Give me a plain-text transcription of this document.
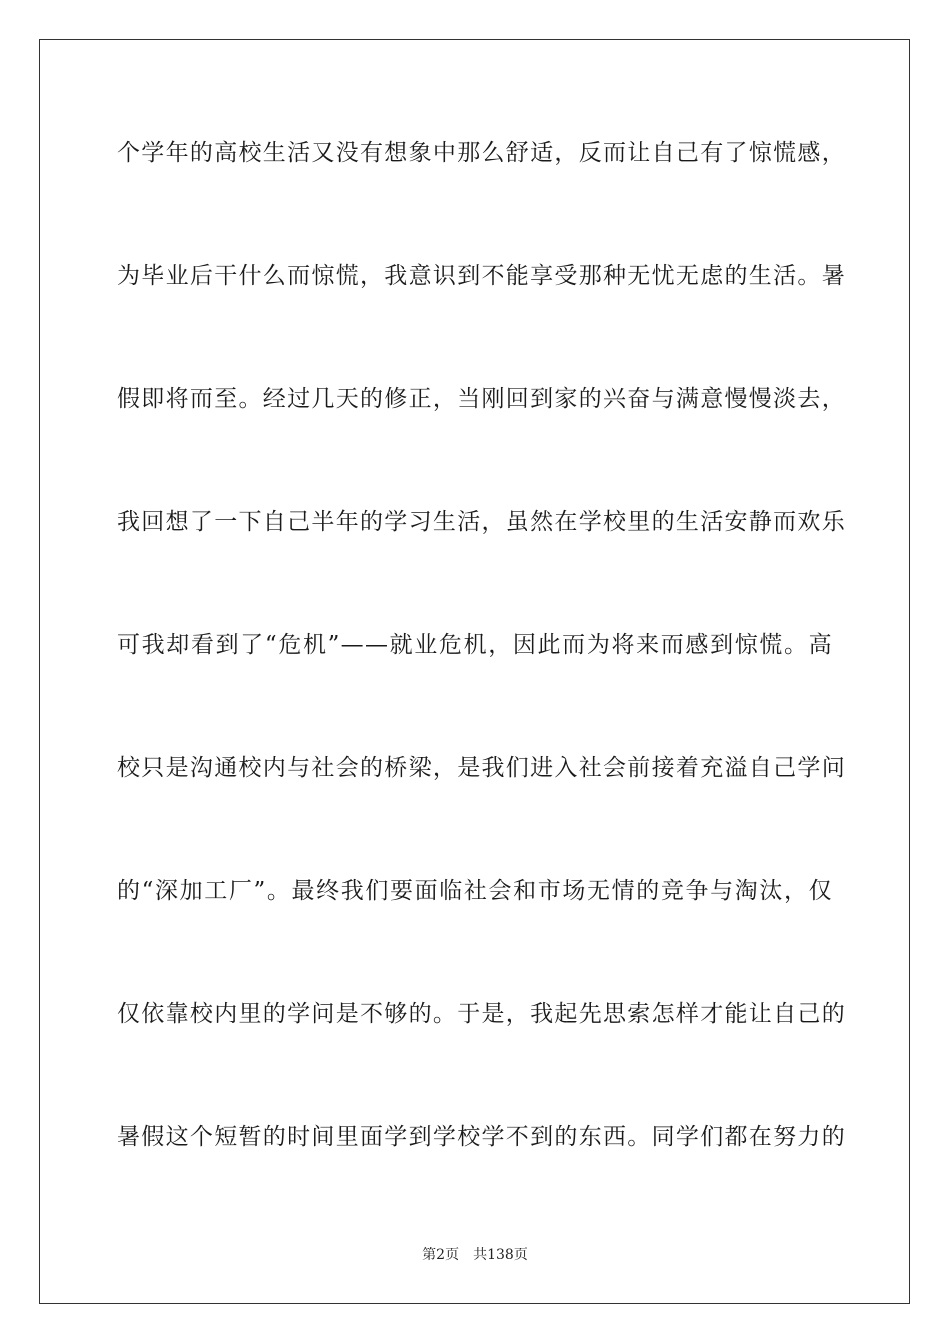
个学年的高校生活又没有想象中那么舒适，反而让自己有了惊慌感，
为毕业后干什么而惊慌，我意识到不能享受那种无忧无虑的生活。暑
假即将而至。经过几天的修正，当刚回到家的兴奋与满意慢慢淡去，
我回想了一下自己半年的学习生活，虽然在学校里的生活安静而欢乐
可我却看到了“危机”——就业危机，因此而为将来而感到惊慌。高
校只是沟通校内与社会的桥梁，是我们进入社会前接着充溢自己学问
的“深加工厂”。最终我们要面临社会和市场无情的竞争与淘汰，仅
仅依靠校内里的学问是不够的。于是，我起先思索怎样才能让自己的
暑假这个短暂的时间里面学到学校学不到的东西。同学们都在努力的
第2页 共138页
